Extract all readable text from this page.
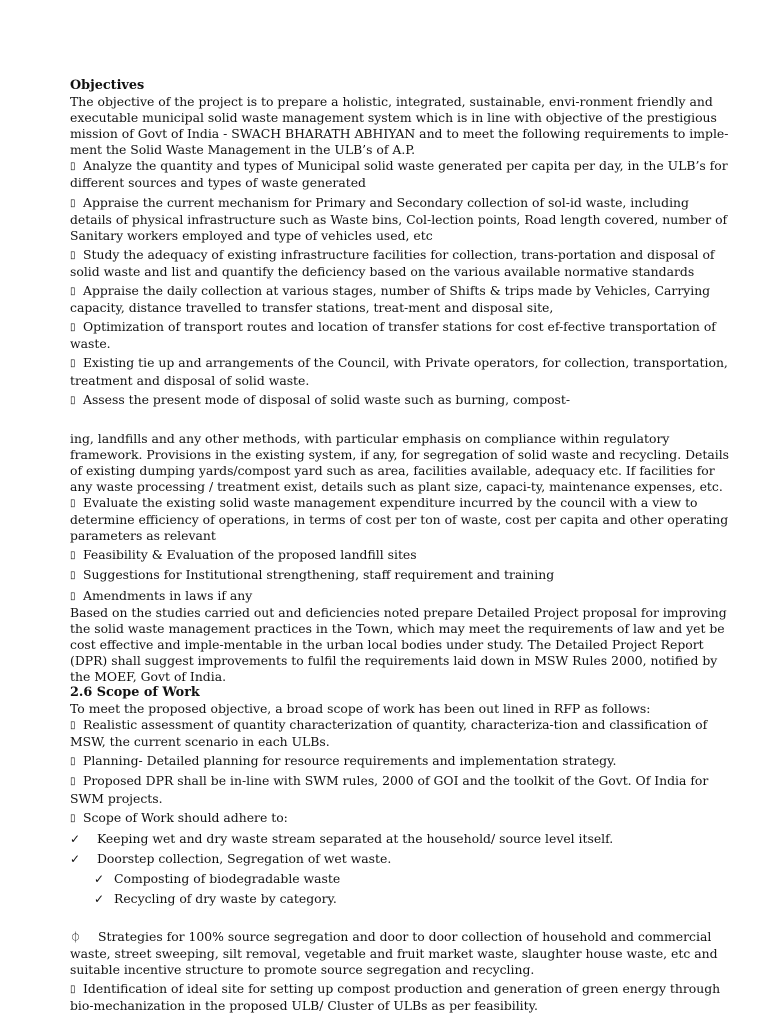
Objectives

The objective of the project is to prepare a holistic, integrated, sustainable, envi-ronment friendly and executable municipal solid waste management system which is in line with objective of the prestigious mission of Govt of India - SWACH BHARATH ABHIYAN and to meet the following requirements to imple-ment the Solid Waste Management in the ULB’s of A.P.

▯ Analyze the quantity and types of Municipal solid waste generated per capita per day, in the ULB’s for different sources and types of waste generated

▯ Appraise the current mechanism for Primary and Secondary collection of sol-id waste, including details of physical infrastructure such as Waste bins, Col-lection points, Road length covered, number of Sanitary workers employed and type of vehicles used, etc

▯ Study the adequacy of existing infrastructure facilities for collection, trans-portation and disposal of solid waste and list and quantify the deficiency based on the various available normative standards

▯ Appraise the daily collection at various stages, number of Shifts & trips made by Vehicles, Carrying capacity, distance travelled to transfer stations, treat-ment and disposal site,

▯ Optimization of transport routes and location of transfer stations for cost ef-fective transportation of waste.

▯ Existing tie up and arrangements of the Council, with Private operators, for collection, transportation, treatment and disposal of solid waste.

▯ Assess the present mode of disposal of solid waste such as burning, compost-

ing, landfills and any other methods, with particular emphasis on compliance within regulatory framework. Provisions in the existing system, if any, for segregation of solid waste and recycling. Details of existing dumping yards/compost yard such as area, facilities available, adequacy etc. If facilities for any waste processing / treatment exist, details such as plant size, capaci-ty, maintenance expenses, etc.

▯ Evaluate the existing solid waste management expenditure incurred by the council with a view to determine efficiency of operations, in terms of cost per ton of waste, cost per capita and other operating parameters as relevant

▯ Feasibility & Evaluation of the proposed landfill sites

▯ Suggestions for Institutional strengthening, staff requirement and training

▯ Amendments in laws if any

Based on the studies carried out and deficiencies noted prepare Detailed Project proposal for improving the solid waste management practices in the Town, which may meet the requirements of law and yet be cost effective and imple-mentable in the urban local bodies under study. The Detailed Project Report (DPR) shall suggest improvements to fulfil the requirements laid down in MSW Rules 2000, notified by the MOEF, Govt of India.

2.6 Scope of Work

To meet the proposed objective, a broad scope of work has been out lined in RFP as follows:

▯ Realistic assessment of quantity characterization of quantity, characteriza-tion and classification of MSW, the current scenario in each ULBs.

▯ Planning- Detailed planning for resource requirements and implementation strategy.

▯ Proposed DPR shall be in-line with SWM rules, 2000 of GOI and the toolkit of the Govt. Of India for SWM projects.

▯ Scope of Work should adhere to:

✓ Keeping wet and dry waste stream separated at the household/ source level itself.

✓ Doorstep collection, Segregation of wet waste.

✓ Composting of biodegradable waste

✓ Recycling of dry waste by category.

⏀ Strategies for 100% source segregation and door to door collection of household and commercial waste, street sweeping, silt removal, vegetable and fruit market waste, slaughter house waste, etc and suitable incentive structure to promote source segregation and recycling.

▯ Identification of ideal site for setting up compost production and generation of green energy through bio-mechanization in the proposed ULB/ Cluster of ULBs as per feasibility.
